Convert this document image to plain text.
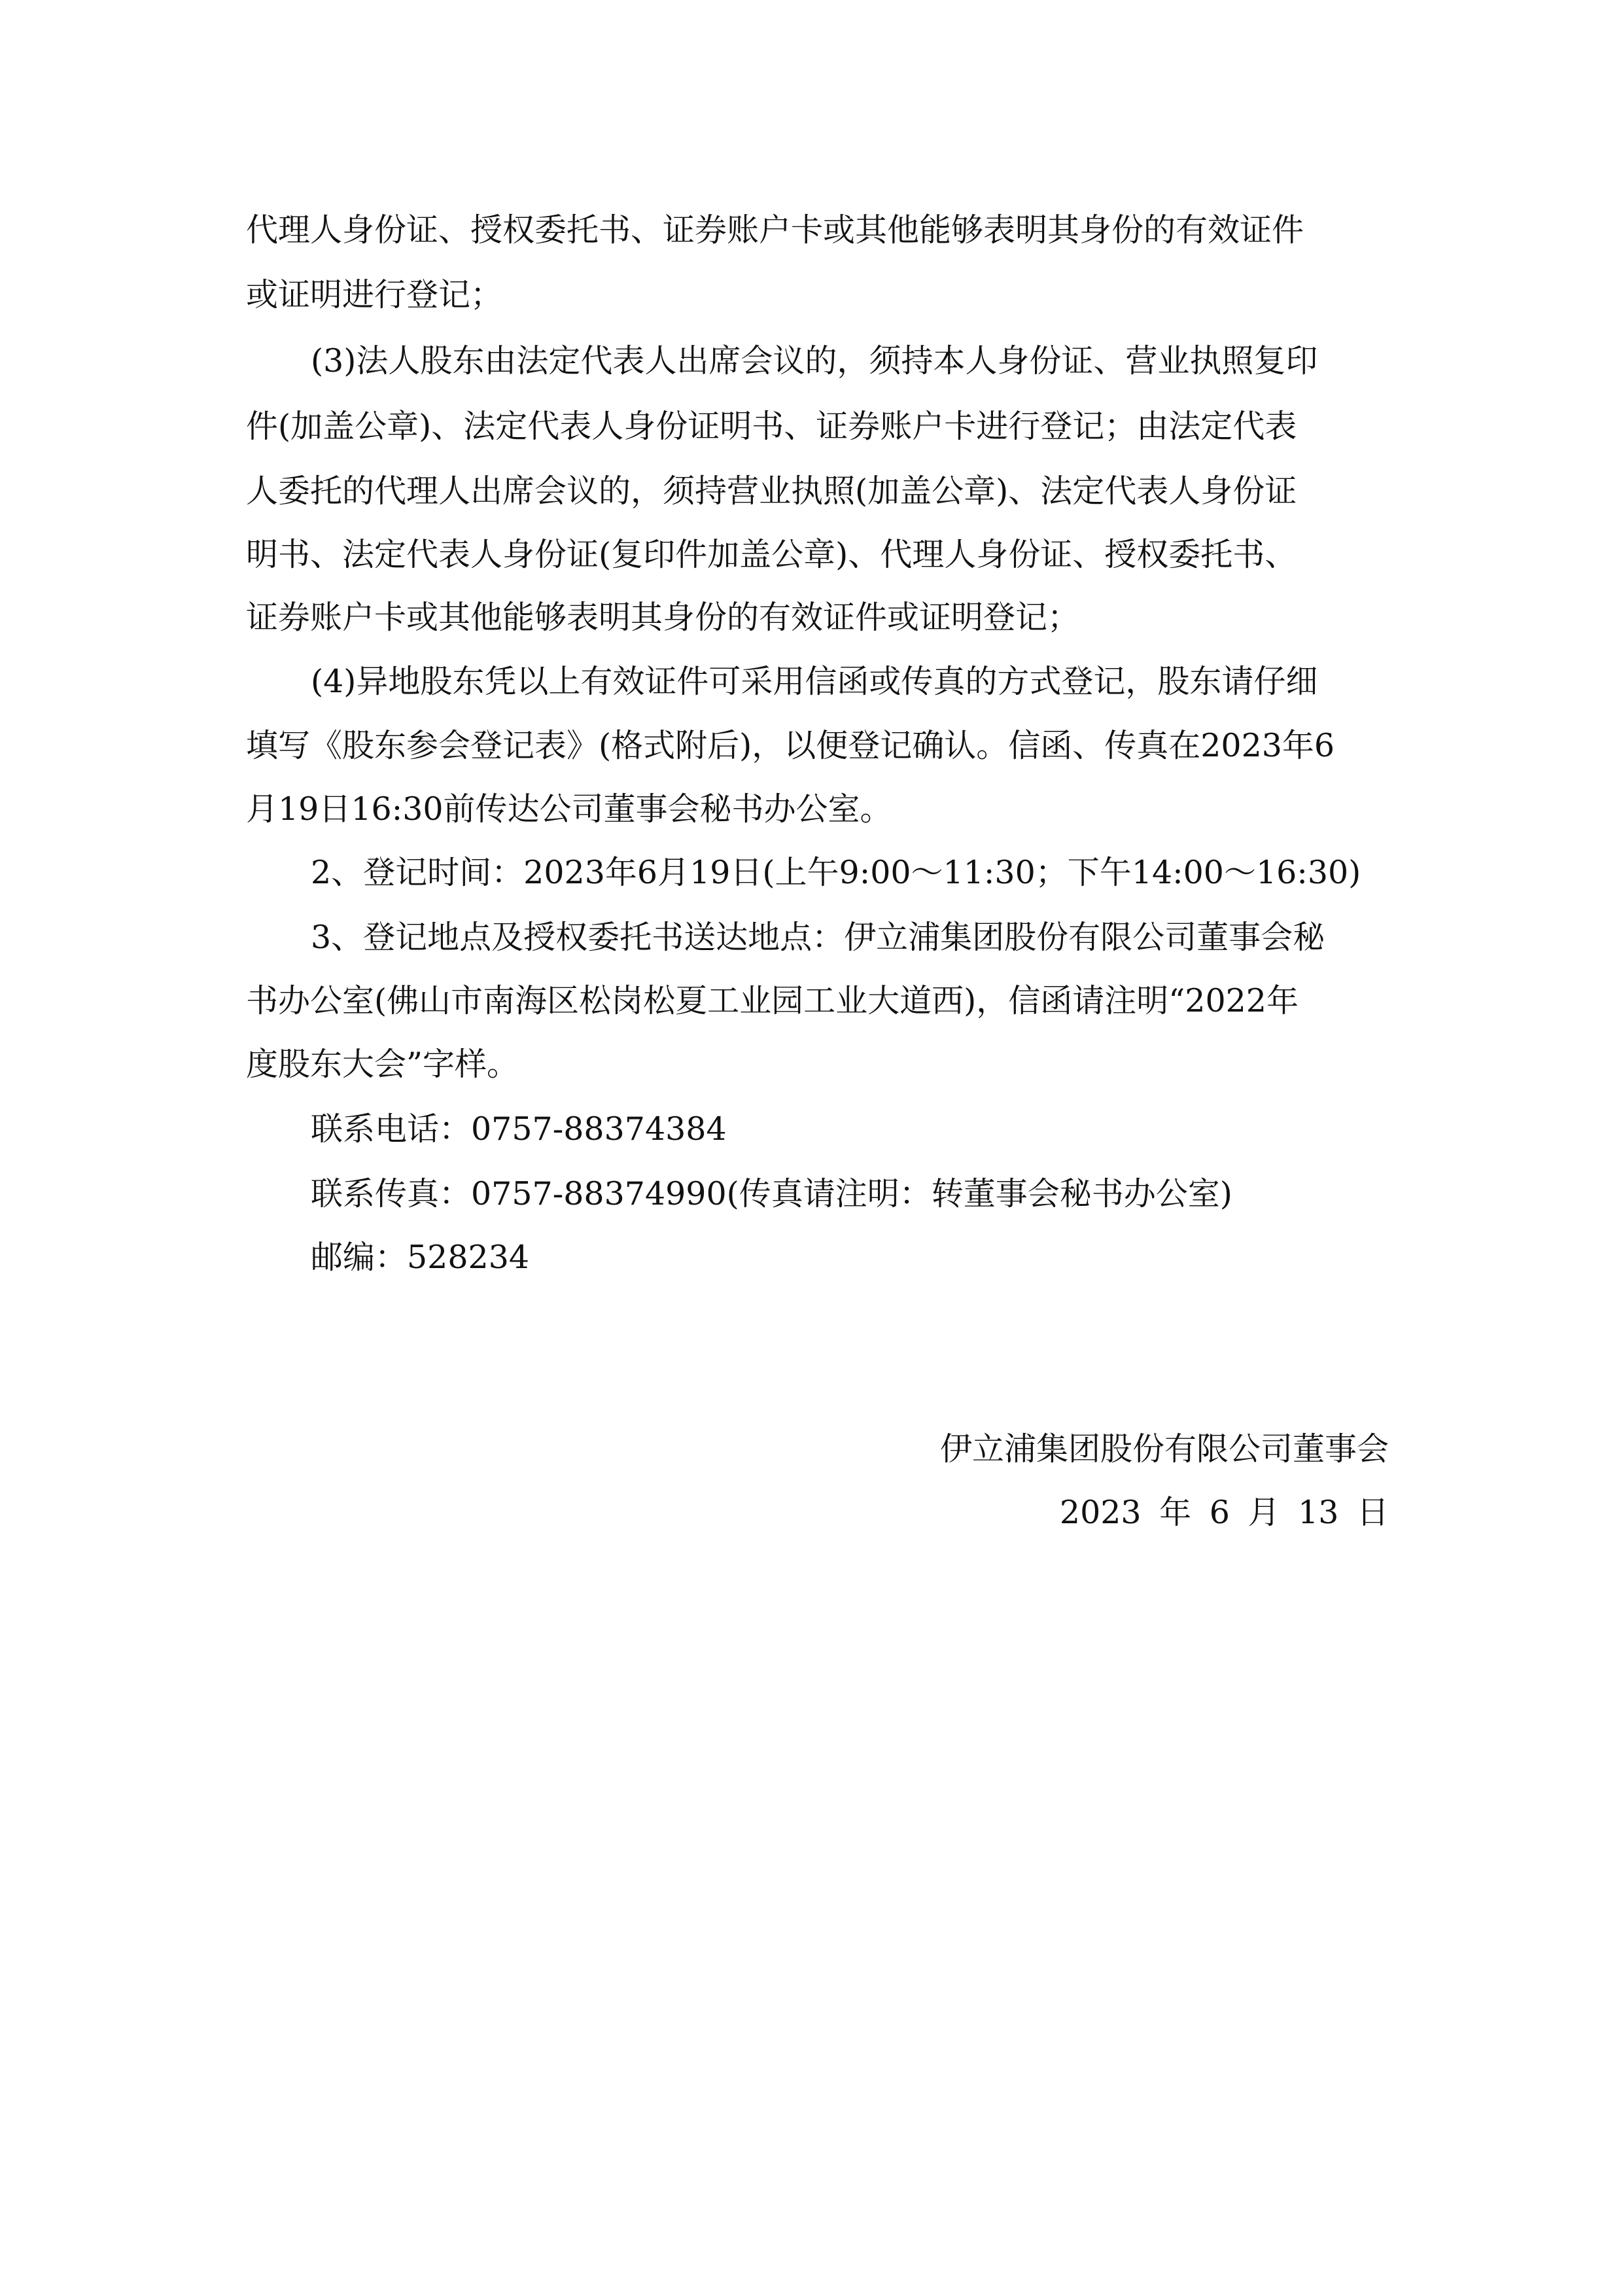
代理人身份证、授权委托书、证券账户卡或其他能够表明其身份的有效证件
或证明进行登记；
(3)法人股东由法定代表人出席会议的，须持本人身份证、营业执照复印
件(加盖公章)、法定代表人身份证明书、证券账户卡进行登记；由法定代表
人委托的代理人出席会议的，须持营业执照(加盖公章)、法定代表人身份证
明书、法定代表人身份证(复印件加盖公章)、代理人身份证、授权委托书、
证券账户卡或其他能够表明其身份的有效证件或证明登记；
(4)异地股东凭以上有效证件可采用信函或传真的方式登记，股东请仔细
填写《股东参会登记表》(格式附后)，以便登记确认。信函、传真在2023年6
月19日16:30前传达公司董事会秘书办公室。
2、登记时间：2023年6月19日(上午9:00～11:30；下午14:00～16:30)
3、登记地点及授权委托书送达地点：伊立浦集团股份有限公司董事会秘
书办公室(佛山市南海区松岗松夏工业园工业大道西)，信函请注明“2022年
度股东大会”字样。
联系电话：0757-88374384
联系传真：0757-88374990(传真请注明：转董事会秘书办公室)
邮编：528234
伊立浦集团股份有限公司董事会
2023 年 6 月 13 日
